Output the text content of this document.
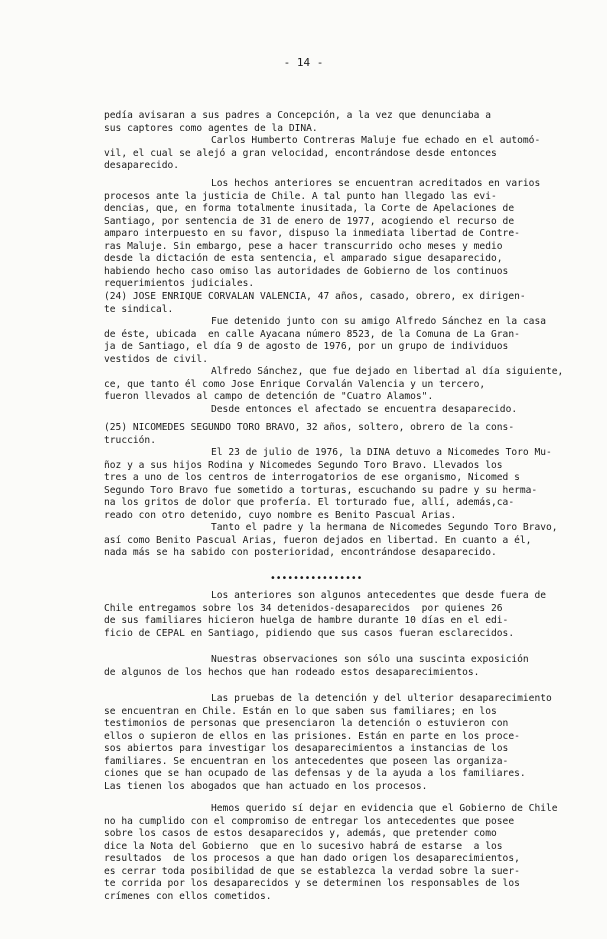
- 14 -
pedía avisaran a sus padres a Concepción, a la vez que denunciaba a
sus captores como agentes de la DINA.
Carlos Humberto Contreras Maluje fue echado en el automó-
vil, el cual se alejó a gran velocidad, encontrándose desde entonces
desaparecido.
Los hechos anteriores se encuentran acreditados en varios
procesos ante la justicia de Chile. A tal punto han llegado las evi-
dencias, que, en forma totalmente inusitada, la Corte de Apelaciones de
Santiago, por sentencia de 31 de enero de 1977, acogiendo el recurso de
amparo interpuesto en su favor, dispuso la inmediata libertad de Contre-
ras Maluje. Sin embargo, pese a hacer transcurrido ocho meses y medio
desde la dictación de esta sentencia, el amparado sigue desaparecido,
habiendo hecho caso omiso las autoridades de Gobierno de los continuos
requerimientos judiciales.
(24) JOSE ENRIQUE CORVALAN VALENCIA, 47 años, casado, obrero, ex dirigen-
te sindical.
Fue detenido junto con su amigo Alfredo Sánchez en la casa
de éste, ubicada  en calle Ayacana número 8523, de la Comuna de La Gran-
ja de Santiago, el día 9 de agosto de 1976, por un grupo de individuos
vestidos de civil.
Alfredo Sánchez, que fue dejado en libertad al día siguiente,
ce, que tanto él como Jose Enrique Corvalán Valencia y un tercero,
fueron llevados al campo de detención de "Cuatro Alamos".
Desde entonces el afectado se encuentra desaparecido.
(25) NICOMEDES SEGUNDO TORO BRAVO, 32 años, soltero, obrero de la cons-
trucción.
El 23 de julio de 1976, la DINA detuvo a Nicomedes Toro Mu-
ñoz y a sus hijos Rodina y Nicomedes Segundo Toro Bravo. Llevados los
tres a uno de los centros de interrogatorios de ese organismo, Nicomed s
Segundo Toro Bravo fue sometido a torturas, escuchando su padre y su herma-
na los gritos de dolor que profería. El torturado fue, allí, además,ca-
reado con otro detenido, cuyo nombre es Benito Pascual Arias.
Tanto el padre y la hermana de Nicomedes Segundo Toro Bravo,
así como Benito Pascual Arias, fueron dejados en libertad. En cuanto a él,
nada más se ha sabido con posterioridad, encontrándose desaparecido.
••••••••••••••••
Los anteriores son algunos antecedentes que desde fuera de
Chile entregamos sobre los 34 detenidos-desaparecidos  por quienes 26
de sus familiares hicieron huelga de hambre durante 10 días en el edi-
ficio de CEPAL en Santiago, pidiendo que sus casos fueran esclarecidos.
Nuestras observaciones son sólo una suscinta exposición
de algunos de los hechos que han rodeado estos desaparecimientos.
Las pruebas de la detención y del ulterior desaparecimiento
se encuentran en Chile. Están en lo que saben sus familiares; en los
testimonios de personas que presenciaron la detención o estuvieron con
ellos o supieron de ellos en las prisiones. Están en parte en los proce-
sos abiertos para investigar los desaparecimientos a instancias de los
familiares. Se encuentran en los antecedentes que poseen las organiza-
ciones que se han ocupado de las defensas y de la ayuda a los familiares.
Las tienen los abogados que han actuado en los procesos.
Hemos querido sí dejar en evidencia que el Gobierno de Chile
no ha cumplido con el compromiso de entregar los antecedentes que posee
sobre los casos de estos desaparecidos y, además, que pretender como
dice la Nota del Gobierno  que en lo sucesivo habrá de estarse  a los
resultados  de los procesos a que han dado origen los desaparecimientos,
es cerrar toda posibilidad de que se establezca la verdad sobre la suer-
te corrida por los desaparecidos y se determinen los responsables de los
crímenes con ellos cometidos.
